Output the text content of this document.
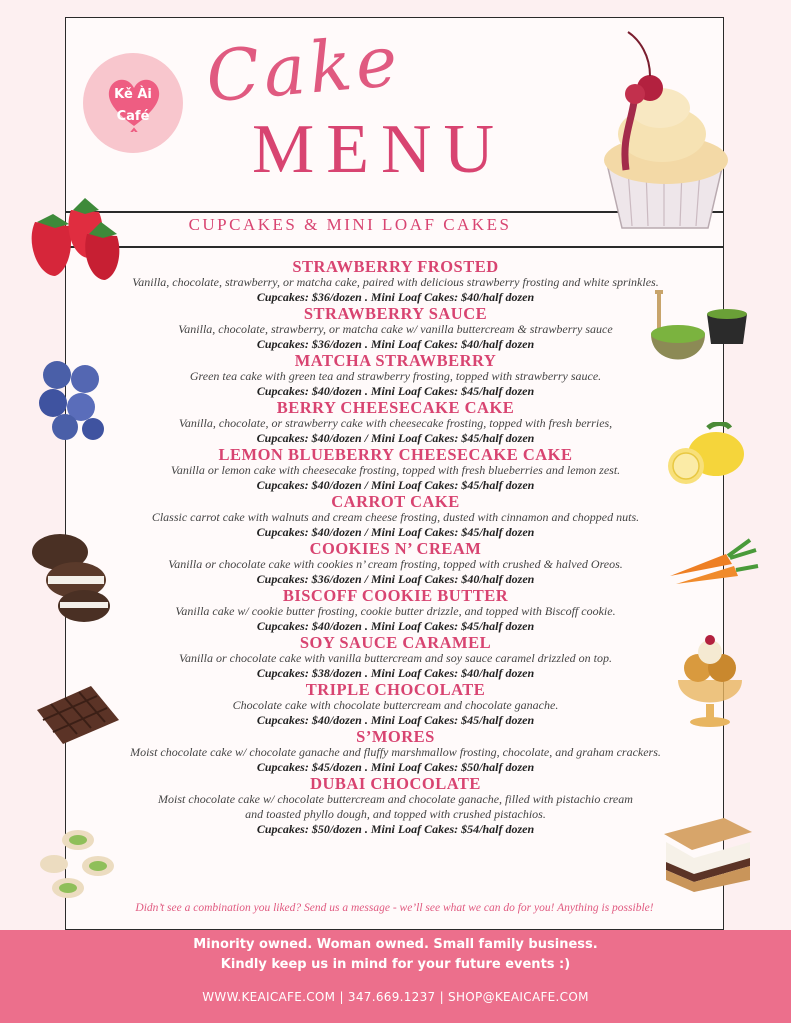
Kě Ài
Café Cake
MENU
CUPCAKES & MINI LOAF CAKES
STRAWBERRY FROSTED
Vanilla, chocolate, strawberry, or matcha cake, paired with delicious strawberry frosting and white sprinkles.
Cupcakes: $36/dozen . Mini Loaf Cakes: $40/half dozen
STRAWBERRY SAUCE
Vanilla, chocolate, strawberry, or matcha cake w/ vanilla buttercream & strawberry sauce
Cupcakes: $36/dozen . Mini Loaf Cakes: $40/half dozen
MATCHA STRAWBERRY
Green tea cake with green tea and strawberry frosting, topped with strawberry sauce.
Cupcakes: $40/dozen . Mini Loaf Cakes: $45/half dozen
BERRY CHEESECAKE CAKE
Vanilla, chocolate, or strawberry cake with cheesecake frosting, topped with fresh berries,
Cupcakes: $40/dozen / Mini Loaf Cakes: $45/half dozen
LEMON BLUEBERRY CHEESECAKE CAKE
Vanilla or lemon cake with cheesecake frosting, topped with fresh blueberries and lemon zest.
Cupcakes: $40/dozen / Mini Loaf Cakes: $45/half dozen
CARROT CAKE
Classic carrot cake with walnuts and cream cheese frosting, dusted with cinnamon and chopped nuts.
Cupcakes: $40/dozen / Mini Loaf Cakes: $45/half dozen
COOKIES N’ CREAM
Vanilla or chocolate cake with cookies n’ cream frosting, topped with crushed & halved Oreos.
Cupcakes: $36/dozen / Mini Loaf Cakes: $40/half dozen
BISCOFF COOKIE BUTTER
Vanilla cake w/ cookie butter frosting, cookie butter drizzle, and topped with Biscoff cookie.
Cupcakes: $40/dozen . Mini Loaf Cakes: $45/half dozen
SOY SAUCE CARAMEL
Vanilla or chocolate cake with vanilla buttercream and soy sauce caramel drizzled on top.
Cupcakes: $38/dozen . Mini Loaf Cakes: $40/half dozen
TRIPLE CHOCOLATE
Chocolate cake with chocolate buttercream and chocolate ganache.
Cupcakes: $40/dozen . Mini Loaf Cakes: $45/half dozen
S’MORES
Moist chocolate cake w/ chocolate ganache and fluffy marshmallow frosting, chocolate, and graham crackers.
Cupcakes: $45/dozen . Mini Loaf Cakes: $50/half dozen
DUBAI CHOCOLATE
Moist chocolate cake w/ chocolate buttercream and chocolate ganache, filled with pistachio cream
and toasted phyllo dough, and topped with crushed pistachios.
Cupcakes: $50/dozen . Mini Loaf Cakes: $54/half dozen
Didn’t see a combination you liked? Send us a message - we’ll see what we can do for you! Anything is possible!
Minority owned. Woman owned. Small family business.
Kindly keep us in mind for your future events :)
WWW.KEAICAFE.COM | 347.669.1237 | SHOP@KEAICAFE.COM
